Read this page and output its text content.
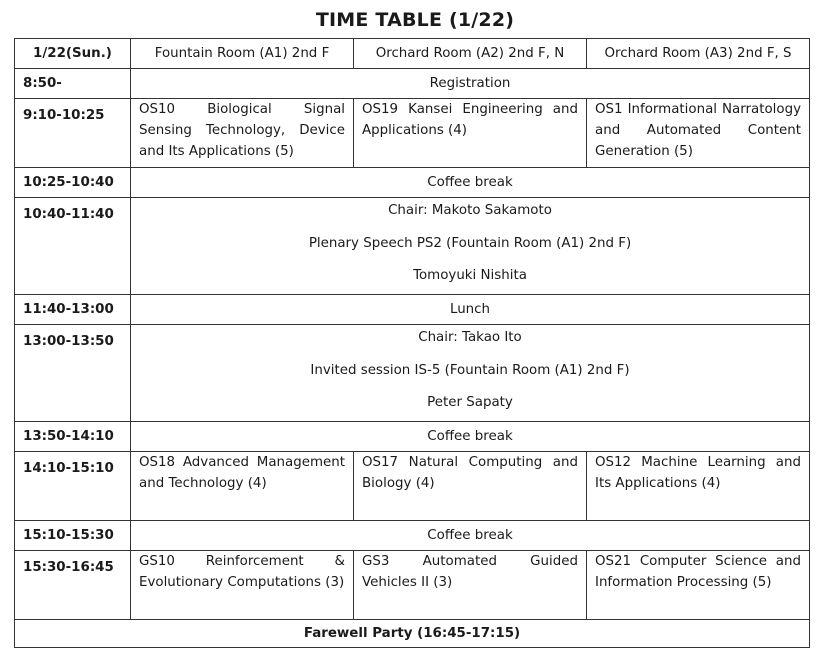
TIME TABLE (1/22)
1/22(Sun.)	Fountain Room (A1) 2nd F	Orchard Room (A2) 2nd F, N	Orchard Room (A3) 2nd F, S
8:50-	Registration		
9:10-10:25	OS10 Biological Signal Sensing Technology, Device and Its Applications (5)	OS19 Kansei Engineering and Applications (4)	OS1 Informational Narratology and Automated Content Generation (5)
10:25-10:40	Coffee break		
10:40-11:40	Chair: Makoto Sakamoto
Plenary Speech PS2 (Fountain Room (A1) 2nd F)
Tomoyuki Nishita		

11:40-13:00	Lunch		
13:00-13:50	Chair: Takao Ito
Invited session IS-5 (Fountain Room (A1) 2nd F)
Peter Sapaty		

13:50-14:10	Coffee break		
14:10-15:10	OS18 Advanced Management and Technology (4)	OS17 Natural Computing and Biology (4)	OS12 Machine Learning and Its Applications (4)
15:10-15:30	Coffee break		
15:30-16:45	GS10 Reinforcement & Evolutionary Computations (3)	GS3 Automated Guided Vehicles II (3)	OS21 Computer Science and Information Processing (5)
Farewell Party (16:45-17:15)			
